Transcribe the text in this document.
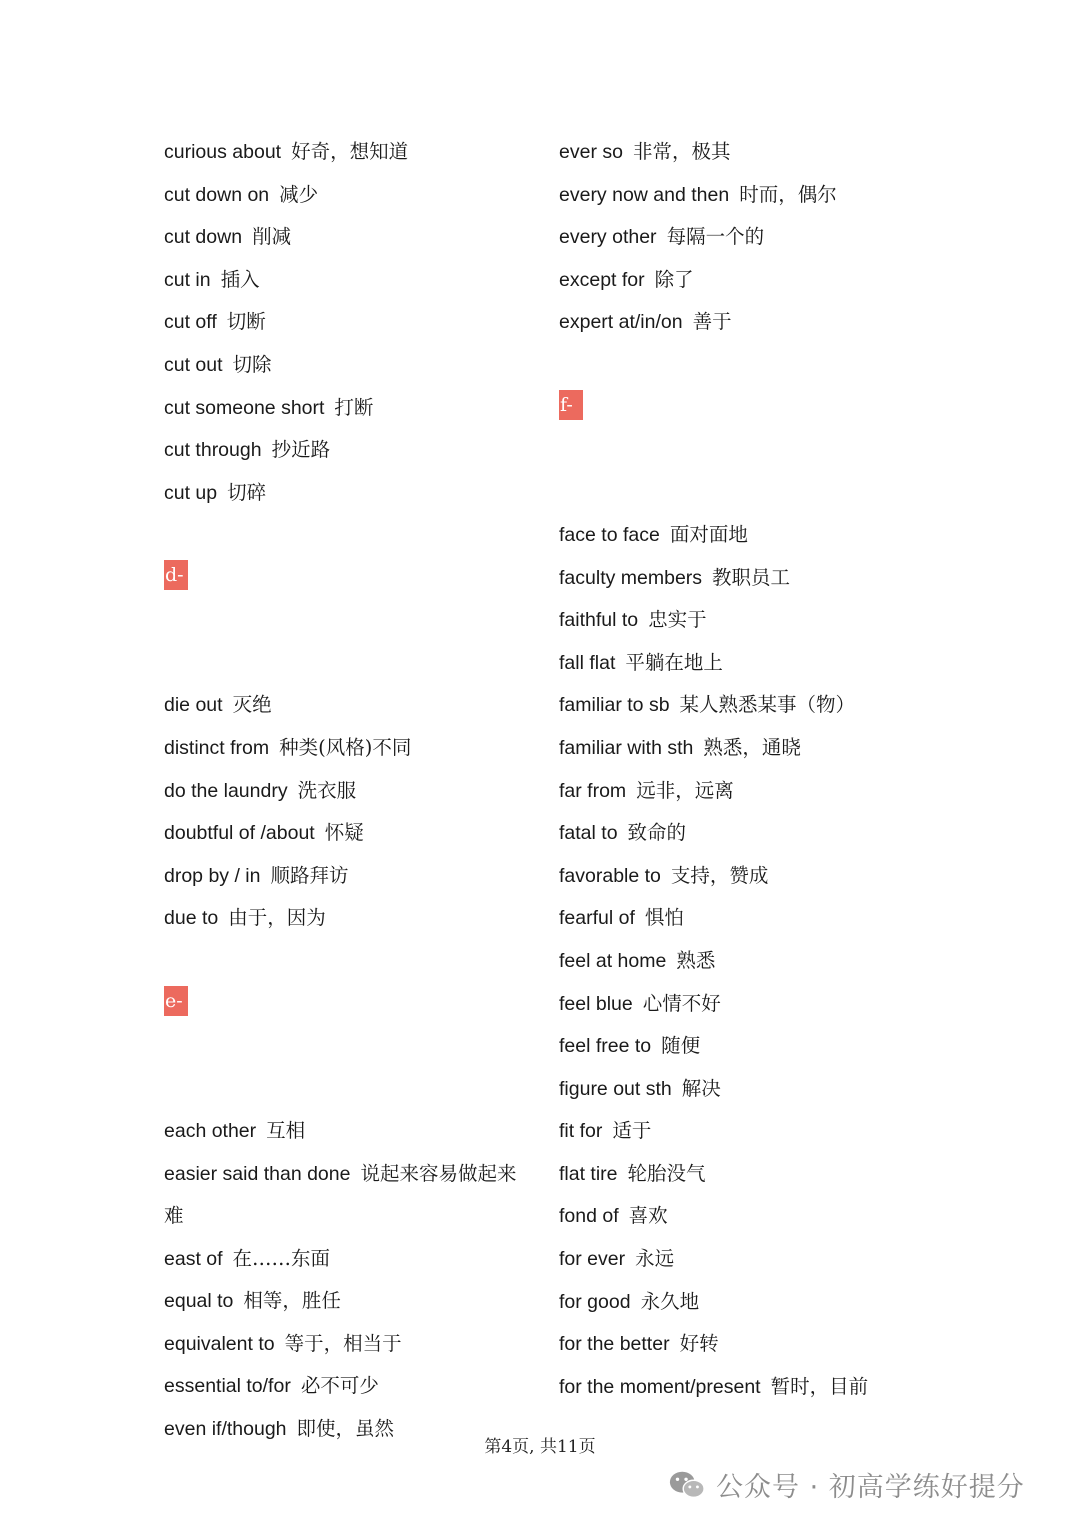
curious about 好奇，想知道
cut down on 减少
cut down 削减
cut in 插入
cut off 切断
cut out 切除
cut someone short 打断
cut through 抄近路
cut up 切碎
d-
die out 灭绝
distinct from 种类(风格)不同
do the laundry 洗衣服
doubtful of /about 怀疑
drop by / in 顺路拜访
due to 由于，因为
e-
each other 互相
easier said than done 说起来容易做起来难
east of 在……东面
equal to 相等，胜任
equivalent to 等于，相当于
essential to/for 必不可少
even if/though 即使，虽然
ever so 非常，极其
every now and then 时而，偶尔
every other 每隔一个的
except for 除了
expert at/in/on 善于
f-
face to face 面对面地
faculty members 教职员工
faithful to 忠实于
fall flat 平躺在地上
familiar to sb 某人熟悉某事（物）
familiar with sth 熟悉，通晓
far from 远非，远离
fatal to 致命的
favorable to 支持，赞成
fearful of 惧怕
feel at home 熟悉
feel blue 心情不好
feel free to 随便
figure out sth 解决
fit for 适于
flat tire 轮胎没气
fond of 喜欢
for ever 永远
for good 永久地
for the better 好转
for the moment/present 暂时，目前
第4页, 共11页
公众号 · 初高学练好提分
